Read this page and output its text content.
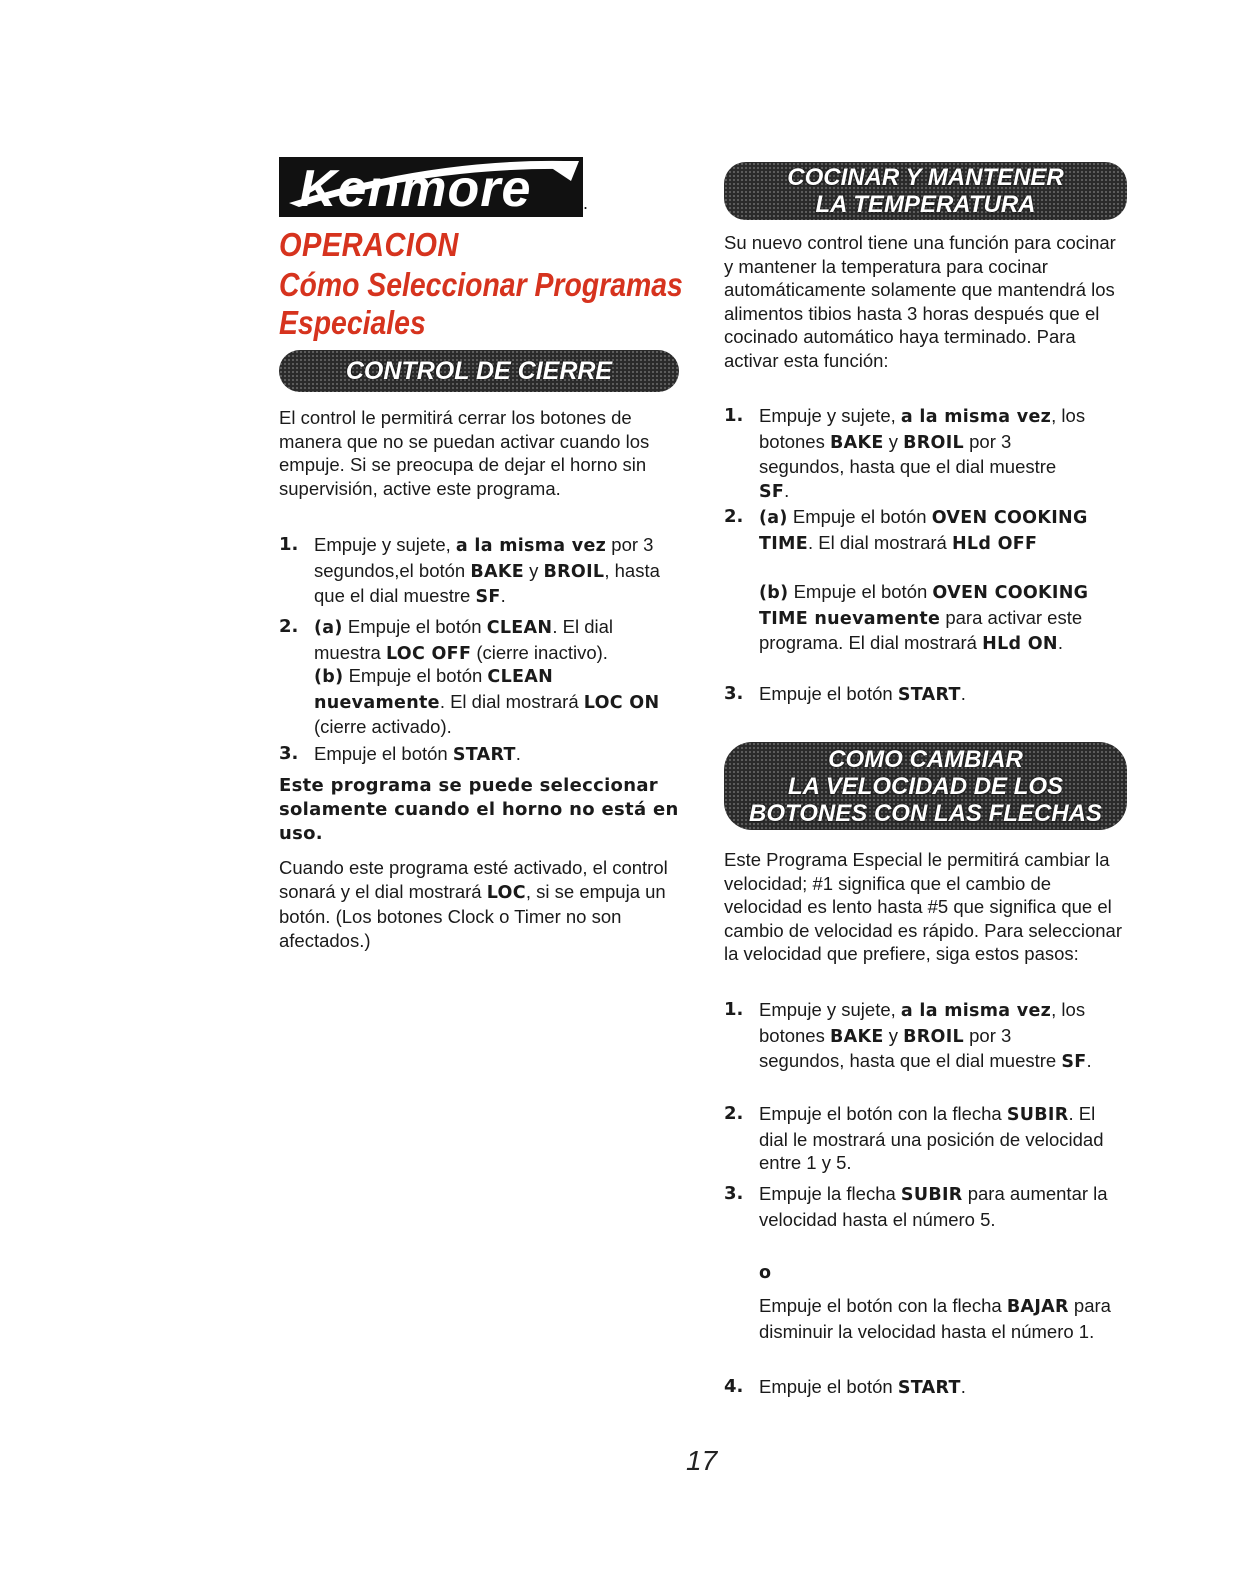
Kenmore	.
OPERACION
Cómo Seleccionar Programas Especiales
CONTROL DE CIERRE

El control le permitirá cerrar los botones de manera que no se puedan activar cuando los empuje. Si se preocupa de dejar el horno sin supervisión, active este programa.

1. Empuje y sujete, a la misma vez por 3 segundos,el botón BAKE y BROIL, hasta que el dial muestre SF.
2. (a) Empuje el botón CLEAN. El dial muestra LOC OFF (cierre inactivo).
(b) Empuje el botón CLEAN nuevamente. El dial mostrará LOC ON (cierre activado).
3. Empuje el botón START.

Este programa se puede seleccionar solamente cuando el horno no está en uso.

Cuando este programa esté activado, el control sonará y el dial mostrará LOC, si se empuja un botón. (Los botones Clock o Timer no son afectados.)

COCINAR Y MANTENER
LA TEMPERATURA

Su nuevo control tiene una función para cocinar y mantener la temperatura para cocinar automáticamente solamente que mantendrá los alimentos tibios hasta 3 horas después que el cocinado automático haya terminado. Para activar esta función:

1. Empuje y sujete, a la misma vez, los botones BAKE y BROIL por 3 segundos, hasta que el dial muestre SF.
2. (a) Empuje el botón OVEN COOKING TIME. El dial mostrará HLd OFF
(b) Empuje el botón OVEN COOKING TIME nuevamente para activar este programa. El dial mostrará HLd ON.
3. Empuje el botón START.
COMO CAMBIAR
LA VELOCIDAD DE LOS
BOTONES CON LAS FLECHAS

Este Programa Especial le permitirá cambiar la velocidad; #1 significa que el cambio de velocidad es lento hasta #5 que significa que el cambio de velocidad es rápido. Para seleccionar la velocidad que prefiere, siga estos pasos:

1. Empuje y sujete, a la misma vez, los botones BAKE y BROIL por 3 segundos, hasta que el dial muestre SF.
2. Empuje el botón con la flecha SUBIR. El dial le mostrará una posición de velocidad entre 1 y 5.
3. Empuje la flecha SUBIR para aumentar la velocidad hasta el número 5.
o
Empuje el botón con la flecha BAJAR para disminuir la velocidad hasta el número 1.
4. Empuje el botón START.
17
